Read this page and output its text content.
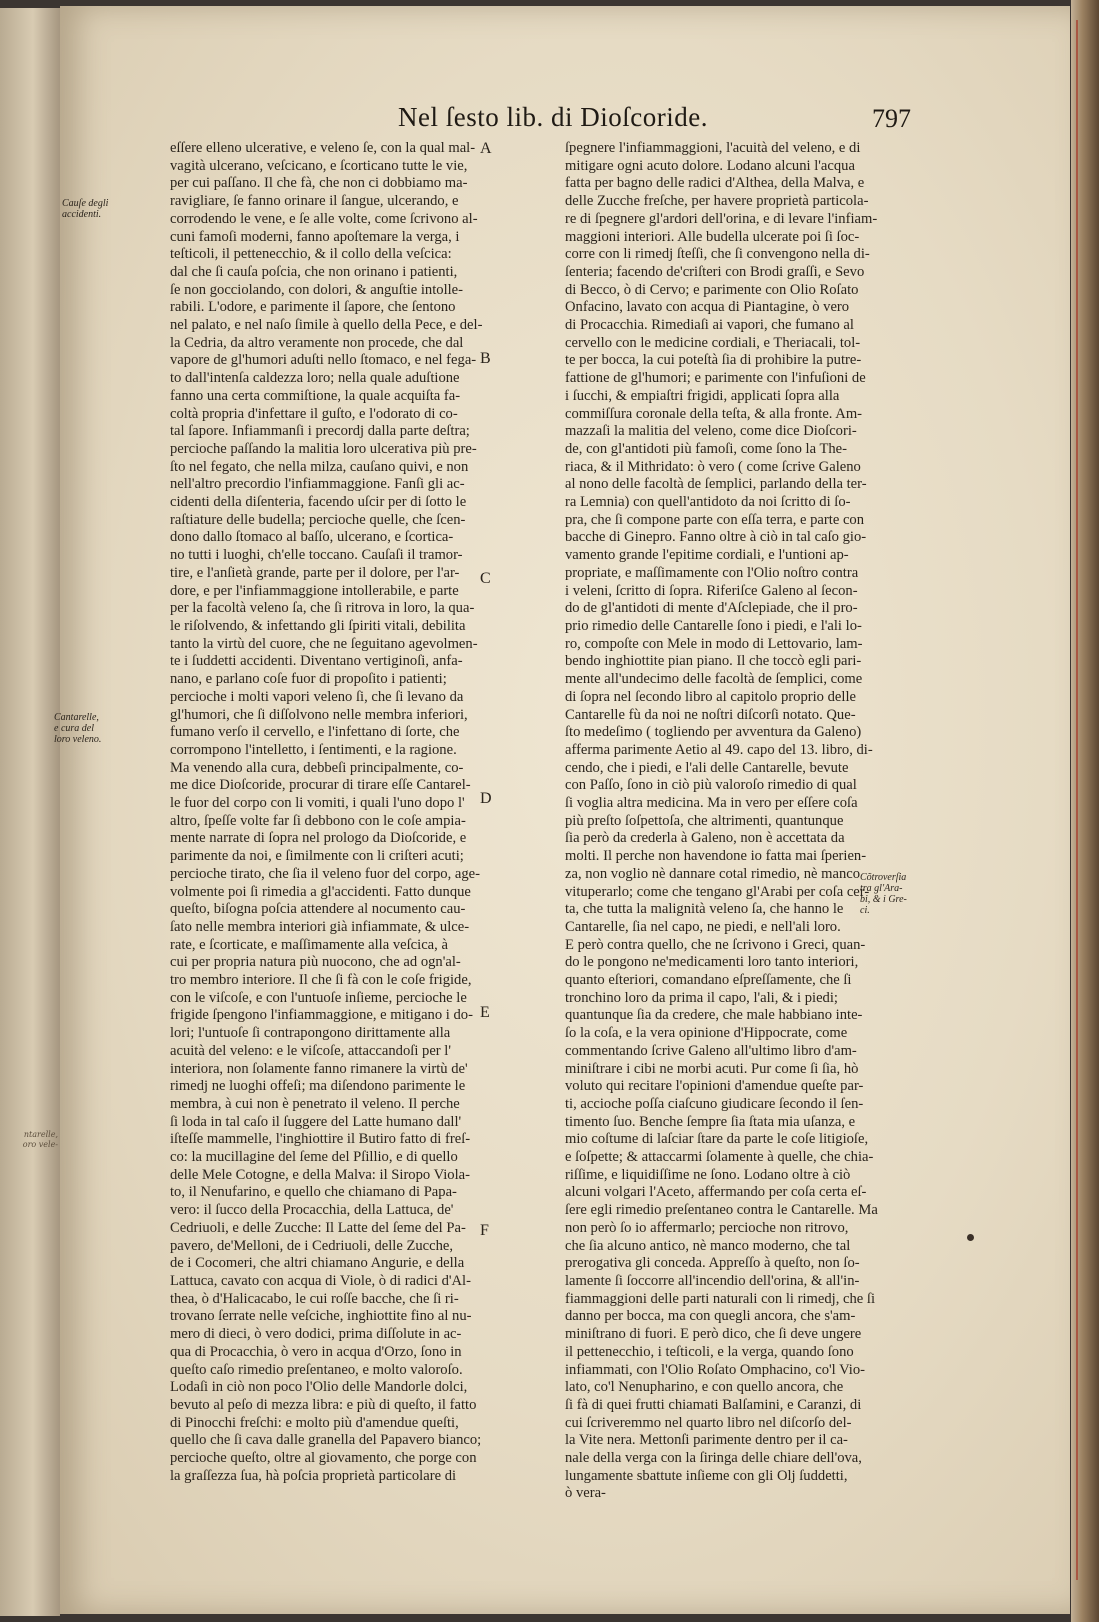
ntarelle,
oro vele-
Nel ſesto lib. di Dioſcoride.	797
eſſere elleno ulcerative, e veleno ſe, con la qual mal-
vagità ulcerano, veſcicano, e ſcorticano tutte le vie,
per cui paſſano. Il che fà, che non ci dobbiamo ma-
ravigliare, ſe fanno orinare il ſangue, ulcerando, e
corrodendo le vene, e ſe alle volte, come ſcrivono al-
cuni famoſi moderni, fanno apoſtemare la verga, i
teſticoli, il pettenecchio, & il collo della veſcica:
dal che ſi cauſa poſcia, che non orinano i patienti,
ſe non gocciolando, con dolori, & anguſtie intolle-
rabili. L'odore, e parimente il ſapore, che ſentono
nel palato, e nel naſo ſimile à quello della Pece, e del-
la Cedria, da altro veramente non procede, che dal
vapore de gl'humori aduſti nello ſtomaco, e nel fega-
to dall'intenſa caldezza loro; nella quale aduſtione
fanno una certa commiſtione, la quale acquiſta fa-
coltà propria d'infettare il guſto, e l'odorato di co-
tal ſapore. Infiammanſi i precordj dalla parte deſtra;
percioche paſſando la malitia loro ulcerativa più pre-
ſto nel fegato, che nella milza, cauſano quivi, e non
nell'altro precordio l'infiammaggione. Fanſi gli ac-
cidenti della diſenteria, facendo uſcir per di ſotto le
raſtiature delle budella; percioche quelle, che ſcen-
dono dallo ſtomaco al baſſo, ulcerano, e ſcortica-
no tutti i luoghi, ch'elle toccano. Cauſaſi il tramor-
tire, e l'anſietà grande, parte per il dolore, per l'ar-
dore, e per l'infiammaggione intollerabile, e parte
per la facoltà veleno ſa, che ſi ritrova in loro, la qua-
le riſolvendo, & infettando gli ſpiriti vitali, debilita
tanto la virtù del cuore, che ne ſeguitano agevolmen-
te i ſuddetti accidenti. Diventano vertiginoſi, anfa-
nano, e parlano coſe fuor di propoſito i patienti;
percioche i molti vapori veleno ſi, che ſi levano da
gl'humori, che ſi diſſolvono nelle membra inferiori,
fumano verſo il cervello, e l'infettano di ſorte, che
corrompono l'intelletto, i ſentimenti, e la ragione.
Ma venendo alla cura, debbeſi principalmente, co-
me dice Dioſcoride, procurar di tirare eſſe Cantarel-
le fuor del corpo con li vomiti, i quali l'uno dopo l'
altro, ſpeſſe volte far ſi debbono con le coſe ampia-
mente narrate di ſopra nel prologo da Dioſcoride, e
parimente da noi, e ſimilmente con li criſteri acuti;
percioche tirato, che ſia il veleno fuor del corpo, age-
volmente poi ſi rimedia a gl'accidenti. Fatto dunque
queſto, biſogna poſcia attendere al nocumento cau-
ſato nelle membra interiori già infiammate, & ulce-
rate, e ſcorticate, e maſſimamente alla veſcica, à
cui per propria natura più nuocono, che ad ogn'al-
tro membro interiore. Il che ſi fà con le coſe frigide,
con le viſcoſe, e con l'untuoſe inſieme, percioche le
frigide ſpengono l'infiammaggione, e mitigano i do-
lori; l'untuoſe ſi contrapongono dirittamente alla
acuità del veleno: e le viſcoſe, attaccandoſi per l'
interiora, non ſolamente fanno rimanere la virtù de'
rimedj ne luoghi offeſi; ma diſendono parimente le
membra, à cui non è penetrato il veleno. Il perche
ſi loda in tal caſo il ſuggere del Latte humano dall'
iſteſſe mammelle, l'inghiottire il Butiro fatto di freſ-
co: la mucillagine del ſeme del Pſillio, e di quello
delle Mele Cotogne, e della Malva: il Siropo Viola-
to, il Nenufarino, e quello che chiamano di Papa-
vero: il ſucco della Procacchia, della Lattuca, de'
Cedriuoli, e delle Zucche: Il Latte del ſeme del Pa-
pavero, de'Melloni, de i Cedriuoli, delle Zucche,
de i Cocomeri, che altri chiamano Angurie, e della
Lattuca, cavato con acqua di Viole, ò di radici d'Al-
thea, ò d'Halicacabo, le cui roſſe bacche, che ſi ri-
trovano ſerrate nelle veſciche, inghiottite fino al nu-
mero di dieci, ò vero dodici, prima diſſolute in ac-
qua di Procacchia, ò vero in acqua d'Orzo, ſono in
queſto caſo rimedio preſentaneo, e molto valoroſo.
Lodaſi in ciò non poco l'Olio delle Mandorle dolci,
bevuto al peſo di mezza libra: e più di queſto, il fatto
di Pinocchi freſchi: e molto più d'amendue queſti,
quello che ſi cava dalle granella del Papavero bianco;
percioche queſto, oltre al giovamento, che porge con
la graſſezza ſua, hà poſcia proprietà particolare di
ſpegnere l'infiammaggioni, l'acuità del veleno, e di
mitigare ogni acuto dolore. Lodano alcuni l'acqua
fatta per bagno delle radici d'Althea, della Malva, e
delle Zucche freſche, per havere proprietà particola-
re di ſpegnere gl'ardori dell'orina, e di levare l'infiam-
maggioni interiori. Alle budella ulcerate poi ſi ſoc-
corre con li rimedj ſteſſi, che ſi convengono nella di-
ſenteria; facendo de'criſteri con Brodi graſſi, e Sevo
di Becco, ò di Cervo; e parimente con Olio Roſato
Onfacino, lavato con acqua di Piantagine, ò vero
di Procacchia. Rimediaſi ai vapori, che fumano al
cervello con le medicine cordiali, e Theriacali, tol-
te per bocca, la cui poteſtà ſia di prohibire la putre-
fattione de gl'humori; e parimente con l'infuſioni de
i ſucchi, & empiaſtri frigidi, applicati ſopra alla
commiſſura coronale della teſta, & alla fronte. Am-
mazzaſi la malitia del veleno, come dice Dioſcori-
de, con gl'antidoti più famoſi, come ſono la The-
riaca, & il Mithridato: ò vero ( come ſcrive Galeno
al nono delle facoltà de ſemplici, parlando della ter-
ra Lemnia) con quell'antidoto da noi ſcritto di ſo-
pra, che ſi compone parte con eſſa terra, e parte con
bacche di Ginepro. Fanno oltre à ciò in tal caſo gio-
vamento grande l'epitime cordiali, e l'untioni ap-
propriate, e maſſimamente con l'Olio noſtro contra
i veleni, ſcritto di ſopra. Riferiſce Galeno al ſecon-
do de gl'antidoti di mente d'Aſclepiade, che il pro-
prio rimedio delle Cantarelle ſono i piedi, e l'ali lo-
ro, compoſte con Mele in modo di Lettovario, lam-
bendo inghiottite pian piano. Il che toccò egli pari-
mente all'undecimo delle facoltà de ſemplici, come
di ſopra nel ſecondo libro al capitolo proprio delle
Cantarelle fù da noi ne noſtri diſcorſi notato. Que-
ſto medeſimo ( togliendo per avventura da Galeno)
afferma parimente Aetio al 49. capo del 13. libro, di-
cendo, che i piedi, e l'ali delle Cantarelle, bevute
con Paſſo, ſono in ciò più valoroſo rimedio di qual
ſi voglia altra medicina. Ma in vero per eſſere coſa
più preſto ſoſpettoſa, che altrimenti, quantunque
ſia però da crederla à Galeno, non è accettata da
molti. Il perche non havendone io fatta mai ſperien-
za, non voglio nè dannare cotal rimedio, nè manco
vituperarlo; come che tengano gl'Arabi per coſa cer-
ta, che tutta la malignità veleno ſa, che hanno le
Cantarelle, ſia nel capo, ne piedi, e nell'ali loro.
E però contra quello, che ne ſcrivono i Greci, quan-
do le pongono ne'medicamenti loro tanto interiori,
quanto eſteriori, comandano eſpreſſamente, che ſi
tronchino loro da prima il capo, l'ali, & i piedi;
quantunque ſia da credere, che male habbiano inte-
ſo la coſa, e la vera opinione d'Hippocrate, come
commentando ſcrive Galeno all'ultimo libro d'am-
miniſtrare i cibi ne morbi acuti. Pur come ſi ſia, hò
voluto qui recitare l'opinioni d'amendue queſte par-
ti, accioche poſſa ciaſcuno giudicare ſecondo il ſen-
timento ſuo. Benche ſempre ſia ſtata mia uſanza, e
mio coſtume di laſciar ſtare da parte le coſe litigioſe,
e ſoſpette; & attaccarmi ſolamente à quelle, che chia-
riſſime, e liquidiſſime ne ſono. Lodano oltre à ciò
alcuni volgari l'Aceto, affermando per coſa certa eſ-
ſere egli rimedio preſentaneo contra le Cantarelle. Ma
non però ſo io affermarlo; percioche non ritrovo,
che ſia alcuno antico, nè manco moderno, che tal
prerogativa gli conceda. Appreſſo à queſto, non ſo-
lamente ſi ſoccorre all'incendio dell'orina, & all'in-
fiammaggioni delle parti naturali con li rimedj, che ſi
danno per bocca, ma con quegli ancora, che s'am-
miniſtrano di fuori. E però dico, che ſi deve ungere
il pettenecchio, i teſticoli, e la verga, quando ſono
infiammati, con l'Olio Roſato Omphacino, co'l Vio-
lato, co'l Nenupharino, e con quello ancora, che
ſi fà di quei frutti chiamati Balſamini, e Caranzi, di
cui ſcriveremmo nel quarto libro nel diſcorſo del-
la Vite nera. Mettonſi parimente dentro per il ca-
nale della verga con la ſiringa delle chiare dell'ova,
lungamente sbattute inſieme con gli Olj ſuddetti,
ò vera-
A
B
C
D
E
F
Cauſe degli
accidenti.
Cantarelle,
e cura del
loro veleno.
Cõtroverſia
tra gl'Ara-
bi, & i Gre-
ci.
